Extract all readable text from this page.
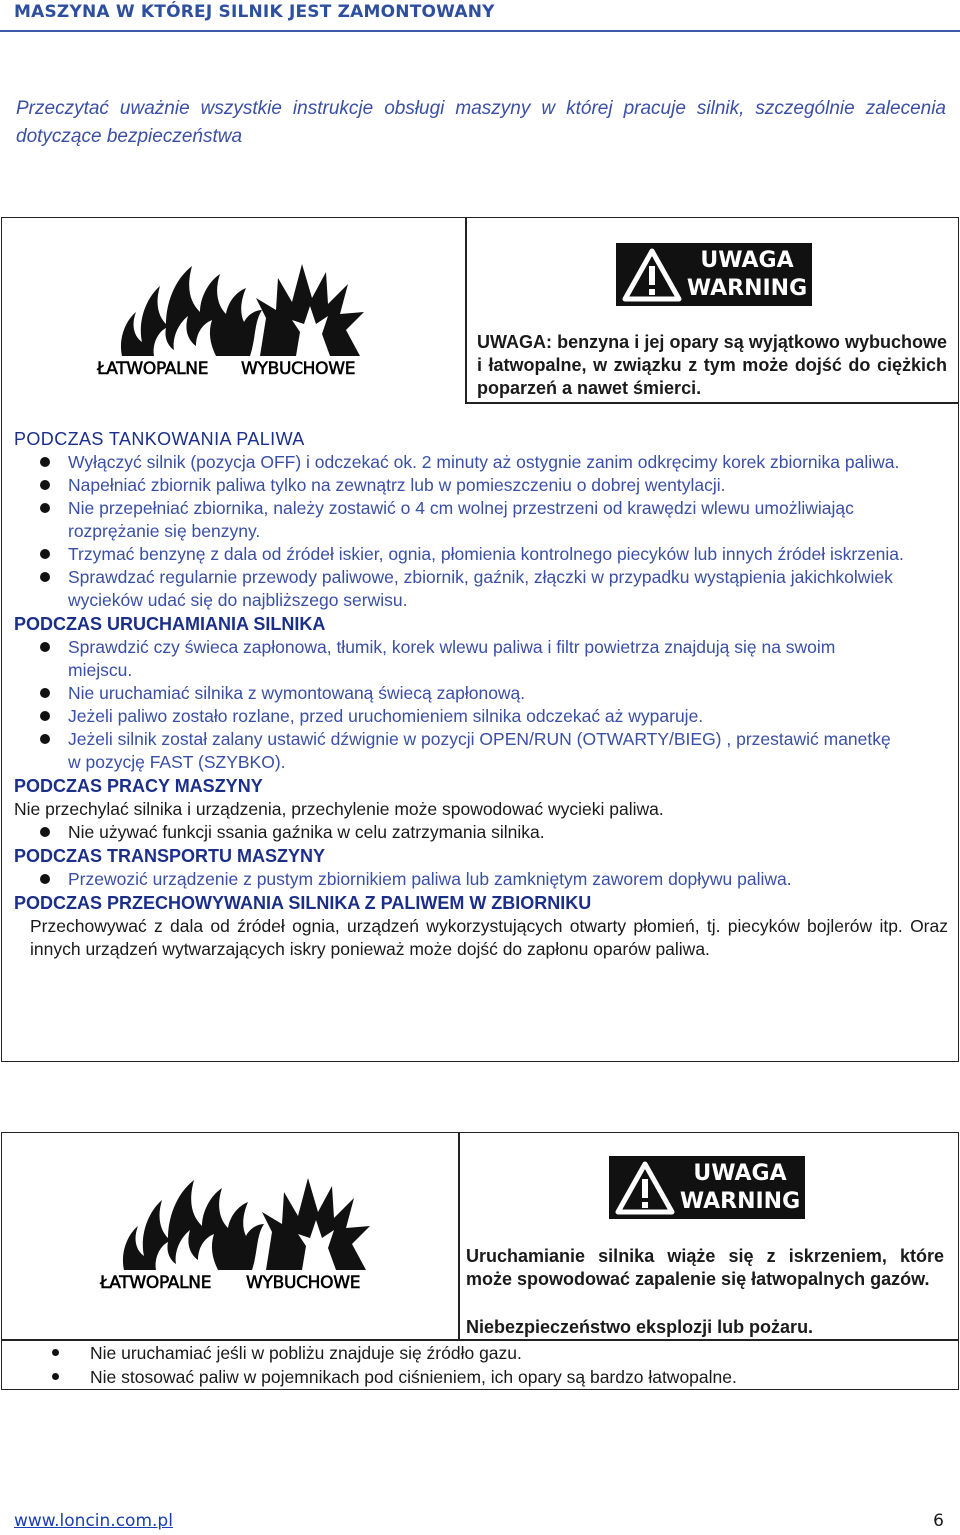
MASZYNA W KTÓREJ SILNIK JEST ZAMONTOWANY
Przeczytać uważnie wszystkie instrukcje obsługi maszyny w której pracuje silnik, szczególnie zalecenia dotyczące bezpieczeństwa
ŁATWOPALNE WYBUCHOWE
UWAGA
WARNING
UWAGA: benzyna i jej opary są wyjątkowo wybuchowe i łatwopalne, w związku z tym może dojść do ciężkich poparzeń a nawet śmierci.
PODCZAS TANKOWANIA PALIWA
Wyłączyć silnik (pozycja OFF) i odczekać ok. 2 minuty aż ostygnie zanim odkręcimy korek zbiornika paliwa.
Napełniać zbiornik paliwa tylko na zewnątrz lub w pomieszczeniu o dobrej wentylacji.
Nie przepełniać zbiornika, należy zostawić o 4 cm wolnej przestrzeni od krawędzi wlewu umożliwiając rozprężanie się benzyny.
Trzymać benzynę z dala od źródeł iskier, ognia, płomienia kontrolnego piecyków lub innych źródeł iskrzenia.
Sprawdzać regularnie przewody paliwowe, zbiornik, gaźnik, złączki w przypadku wystąpienia jakichkolwiek wycieków udać się do najbliższego serwisu.
PODCZAS URUCHAMIANIA SILNIKA
Sprawdzić czy świeca zapłonowa, tłumik, korek wlewu paliwa i filtr powietrza znajdują się na swoim miejscu.
Nie uruchamiać silnika z wymontowaną świecą zapłonową.
Jeżeli paliwo zostało rozlane, przed uruchomieniem silnika odczekać aż wyparuje.
Jeżeli silnik został zalany ustawić dźwignie w pozycji OPEN/RUN (OTWARTY/BIEG) , przestawić manetkę w pozycję FAST (SZYBKO).
PODCZAS PRACY MASZYNY
Nie przechylać silnika i urządzenia, przechylenie może spowodować wycieki paliwa.
Nie używać funkcji ssania gaźnika w celu zatrzymania silnika.
PODCZAS TRANSPORTU MASZYNY
Przewozić urządzenie z pustym zbiornikiem paliwa lub zamkniętym zaworem dopływu paliwa.
PODCZAS PRZECHOWYWANIA SILNIKA Z PALIWEM W ZBIORNIKU
Przechowywać z dala od źródeł ognia, urządzeń wykorzystujących otwarty płomień, tj. piecyków bojlerów itp. Oraz innych urządzeń wytwarzających iskry ponieważ może dojść do zapłonu oparów paliwa.
ŁATWOPALNE WYBUCHOWE
UWAGA
WARNING
Uruchamianie silnika wiąże się z iskrzeniem, które może spowodować zapalenie się łatwopalnych gazów.
Niebezpieczeństwo eksplozji lub pożaru.
Nie uruchamiać jeśli w pobliżu znajduje się źródło gazu.
Nie stosować paliw w pojemnikach pod ciśnieniem, ich opary są bardzo łatwopalne.
www.loncin.com.pl	6
